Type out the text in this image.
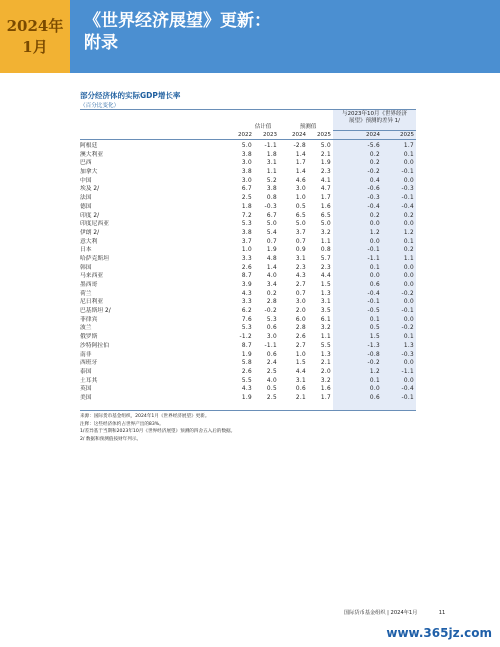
2024年
1月
《世界经济展望》更新：
附录
部分经济体的实际GDP增长率
（百分比变化）
估计值	预测值
与2023年10月《世界经济
展望》预测的差异 1/
2022	2023	2024	2025	2024	2025
阿根廷	5.0	-1.1	-2.8	5.0	-5.6	1.7
澳大利亚	3.8	1.8	1.4	2.1	0.2	0.1
巴西	3.0	3.1	1.7	1.9	0.2	0.0
加拿大	3.8	1.1	1.4	2.3	-0.2	-0.1
中国	3.0	5.2	4.6	4.1	0.4	0.0
埃及 2/	6.7	3.8	3.0	4.7	-0.6	-0.3
法国	2.5	0.8	1.0	1.7	-0.3	-0.1
德国	1.8	-0.3	0.5	1.6	-0.4	-0.4
印度 2/	7.2	6.7	6.5	6.5	0.2	0.2
印度尼西亚	5.3	5.0	5.0	5.0	0.0	0.0
伊朗 2/	3.8	5.4	3.7	3.2	1.2	1.2
意大利	3.7	0.7	0.7	1.1	0.0	0.1
日本	1.0	1.9	0.9	0.8	-0.1	0.2
哈萨克斯坦	3.3	4.8	3.1	5.7	-1.1	1.1
韩国	2.6	1.4	2.3	2.3	0.1	0.0
马来西亚	8.7	4.0	4.3	4.4	0.0	0.0
墨西哥	3.9	3.4	2.7	1.5	0.6	0.0
荷兰	4.3	0.2	0.7	1.3	-0.4	-0.2
尼日利亚	3.3	2.8	3.0	3.1	-0.1	0.0
巴基斯坦 2/	6.2	-0.2	2.0	3.5	-0.5	-0.1
菲律宾	7.6	5.3	6.0	6.1	0.1	0.0
波兰	5.3	0.6	2.8	3.2	0.5	-0.2
俄罗斯	-1.2	3.0	2.6	1.1	1.5	0.1
沙特阿拉伯	8.7	-1.1	2.7	5.5	-1.3	1.3
南非	1.9	0.6	1.0	1.3	-0.8	-0.3
西班牙	5.8	2.4	1.5	2.1	-0.2	0.0
泰国	2.6	2.5	4.4	2.0	1.2	-1.1
土耳其	5.5	4.0	3.1	3.2	0.1	0.0
英国	4.3	0.5	0.6	1.6	0.0	-0.4
美国	1.9	2.5	2.1	1.7	0.6	-0.1
来源：国际货币基金组织，2024年1月《世界经济展望》更新。
注释：这些经济体约占世界产出的83%。
1/差异基于当期和2023年10月《世界经济展望》预测的四舍五入后的数据。
2/ 数据和预测值按财年列示。
国际货币基金组织 | 2024年1月	11
www.365jz.com
